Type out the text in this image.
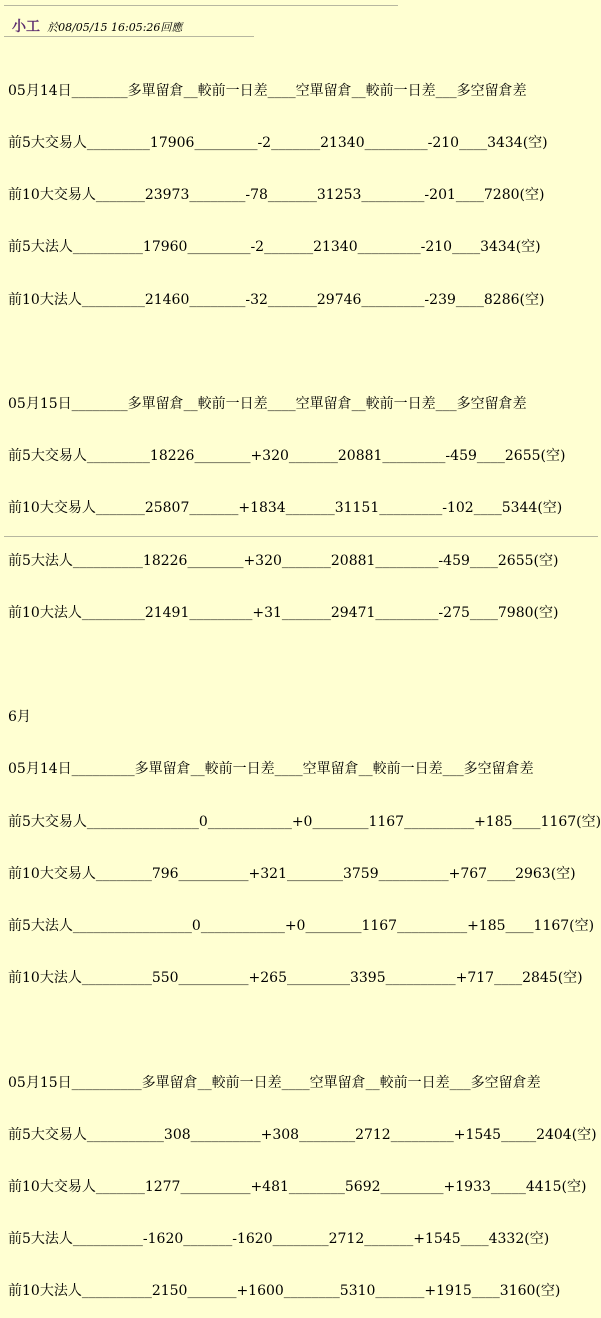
小工 於08/05/15 16:05:26回應

05月14日________多單留倉__較前一日差____空單留倉__較前一日差___多空留倉差

前5大交易人_________17906_________-2_______21340_________-210____3434(空)

前10大交易人_______23973________-78_______31253_________-201____7280(空)

前5大法人__________17960_________-2_______21340_________-210____3434(空)

前10大法人_________21460________-32_______29746_________-239____8286(空)

05月15日________多單留倉__較前一日差____空單留倉__較前一日差___多空留倉差

前5大交易人_________18226________+320_______20881_________-459____2655(空)

前10大交易人_______25807_______+1834_______31151_________-102____5344(空)

前5大法人__________18226________+320_______20881_________-459____2655(空)

前10大法人_________21491_________+31_______29471_________-275____7980(空)

6月

05月14日_________多單留倉__較前一日差____空單留倉__較前一日差___多空留倉差

前5大交易人________________0____________+0________1167__________+185____1167(空)

前10大交易人________796__________+321________3759__________+767____2963(空)

前5大法人_________________0____________+0________1167__________+185____1167(空)

前10大法人__________550__________+265_________3395__________+717____2845(空)

05月15日__________多單留倉__較前一日差____空單留倉__較前一日差___多空留倉差

前5大交易人___________308__________+308________2712_________+1545_____2404(空)

前10大交易人_______1277__________+481________5692_________+1933_____4415(空)

前5大法人__________-1620_______-1620________2712_______+1545____4332(空)

前10大法人__________2150_______+1600________5310_______+1915____3160(空)
